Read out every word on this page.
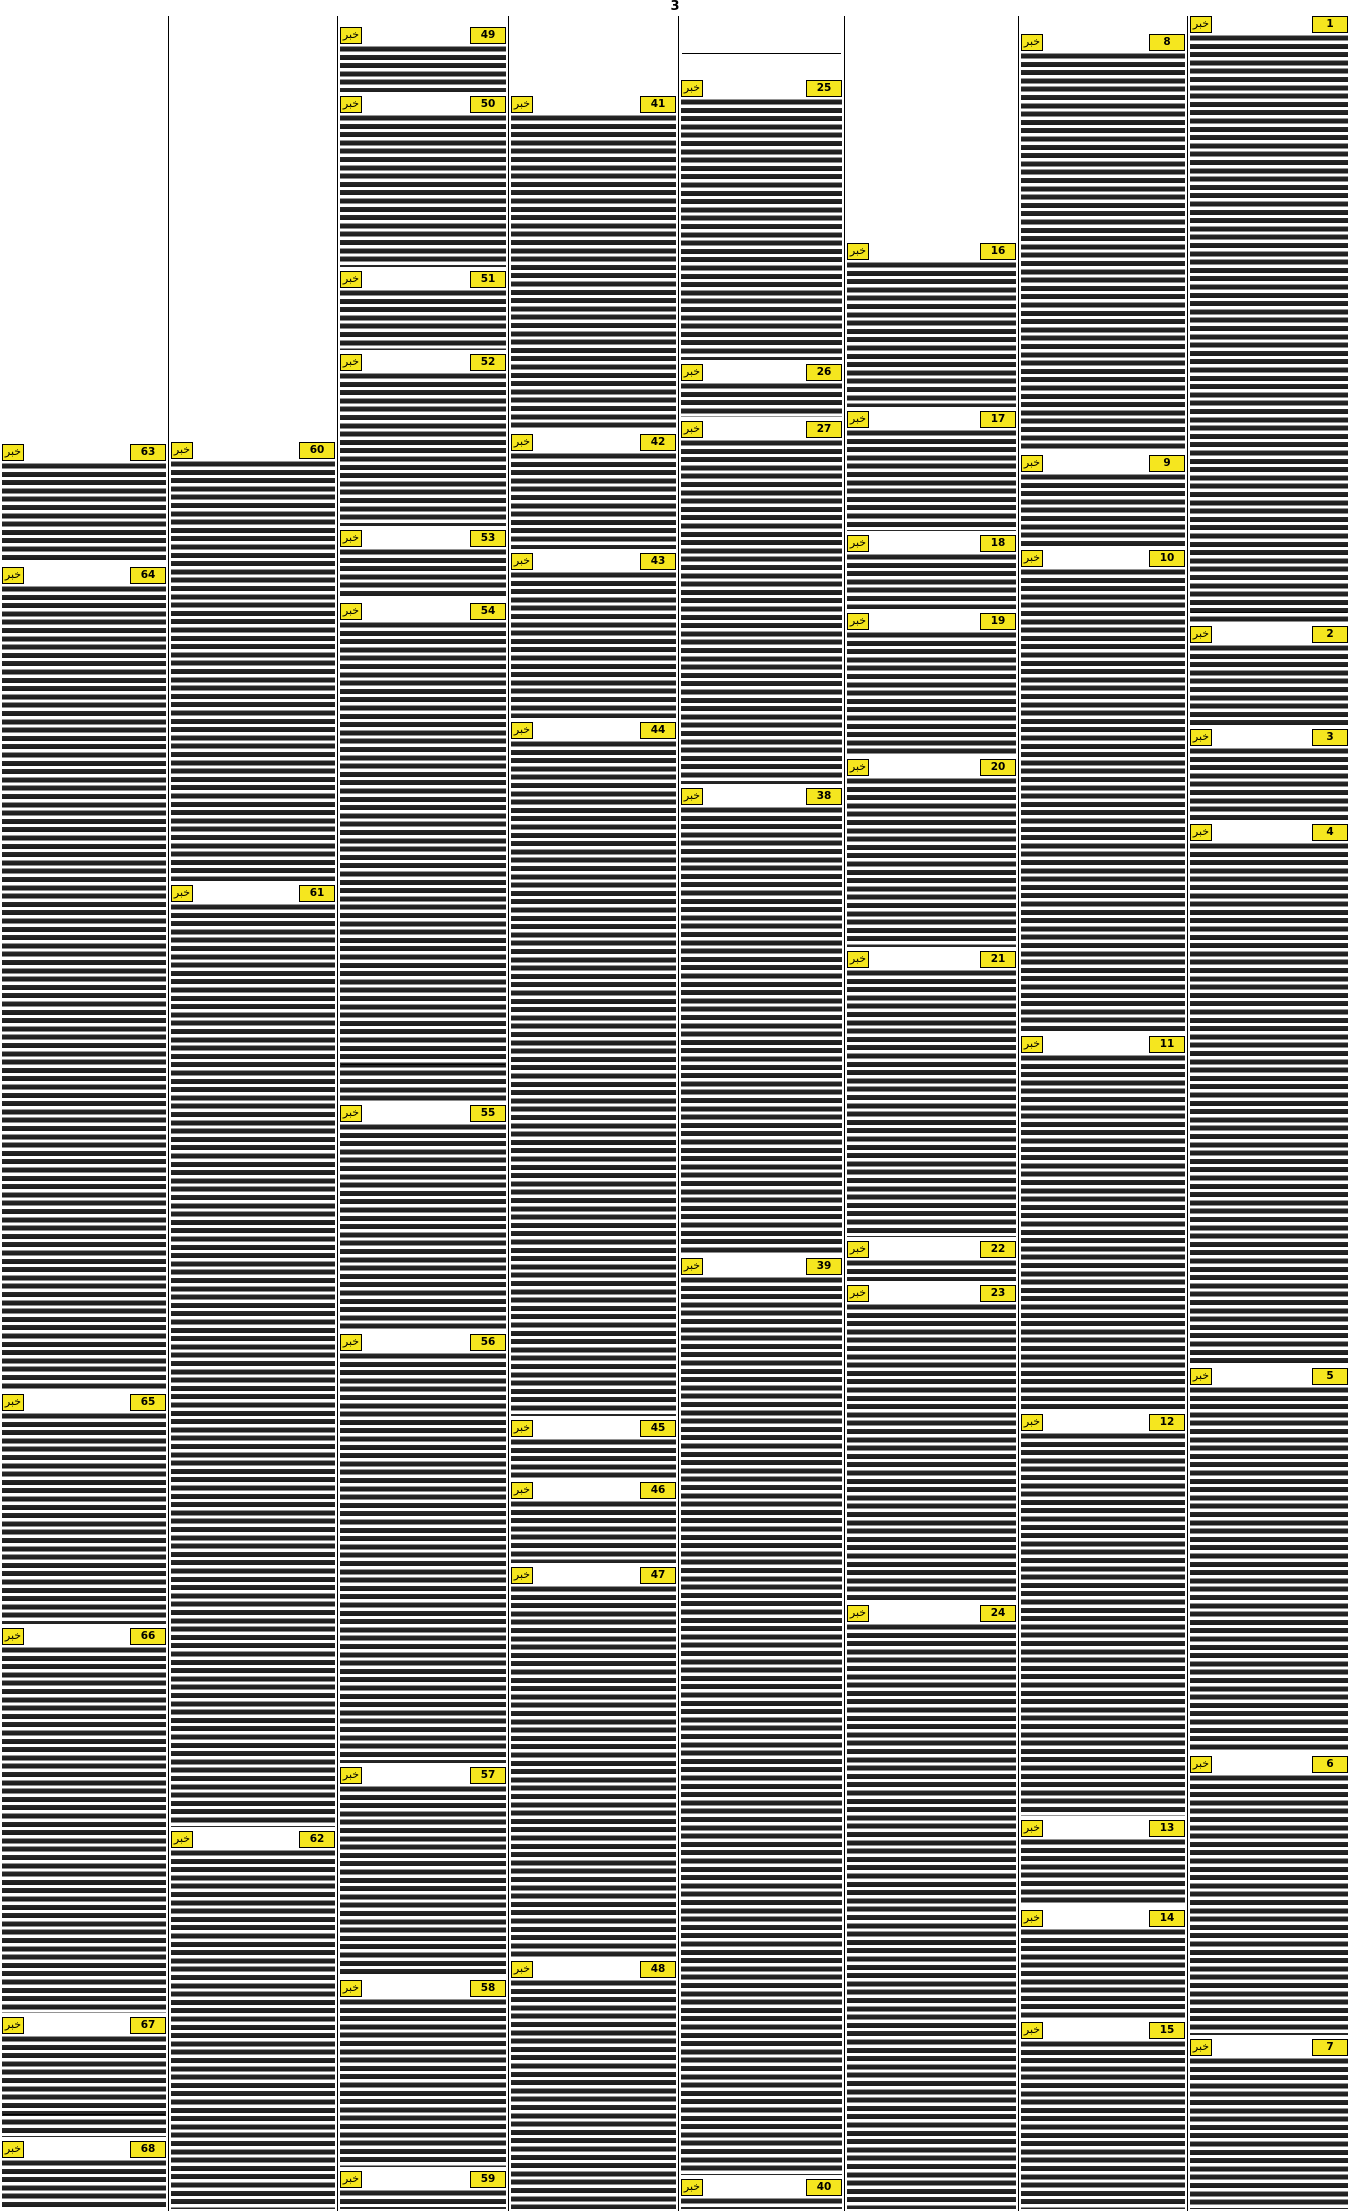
3
1
خبر
2
خبر
3
خبر
4
خبر
5
خبر
6
خبر
7
خبر
8
خبر
9
خبر
10
خبر
11
خبر
12
خبر
13
خبر
14
خبر
15
خبر
16
خبر
17
خبر
18
خبر
19
خبر
20
خبر
21
خبر
22
خبر
23
خبر
24
خبر
25
خبر
26
خبر
27
خبر
38
خبر
39
خبر
40
خبر
41
خبر
42
خبر
43
خبر
44
خبر
45
خبر
46
خبر
47
خبر
48
خبر
49
خبر
50
خبر
51
خبر
52
خبر
53
خبر
54
خبر
55
خبر
56
خبر
57
خبر
58
خبر
59
خبر
60
خبر
61
خبر
62
خبر
63
خبر
64
خبر
65
خبر
66
خبر
67
خبر
68
خبر
